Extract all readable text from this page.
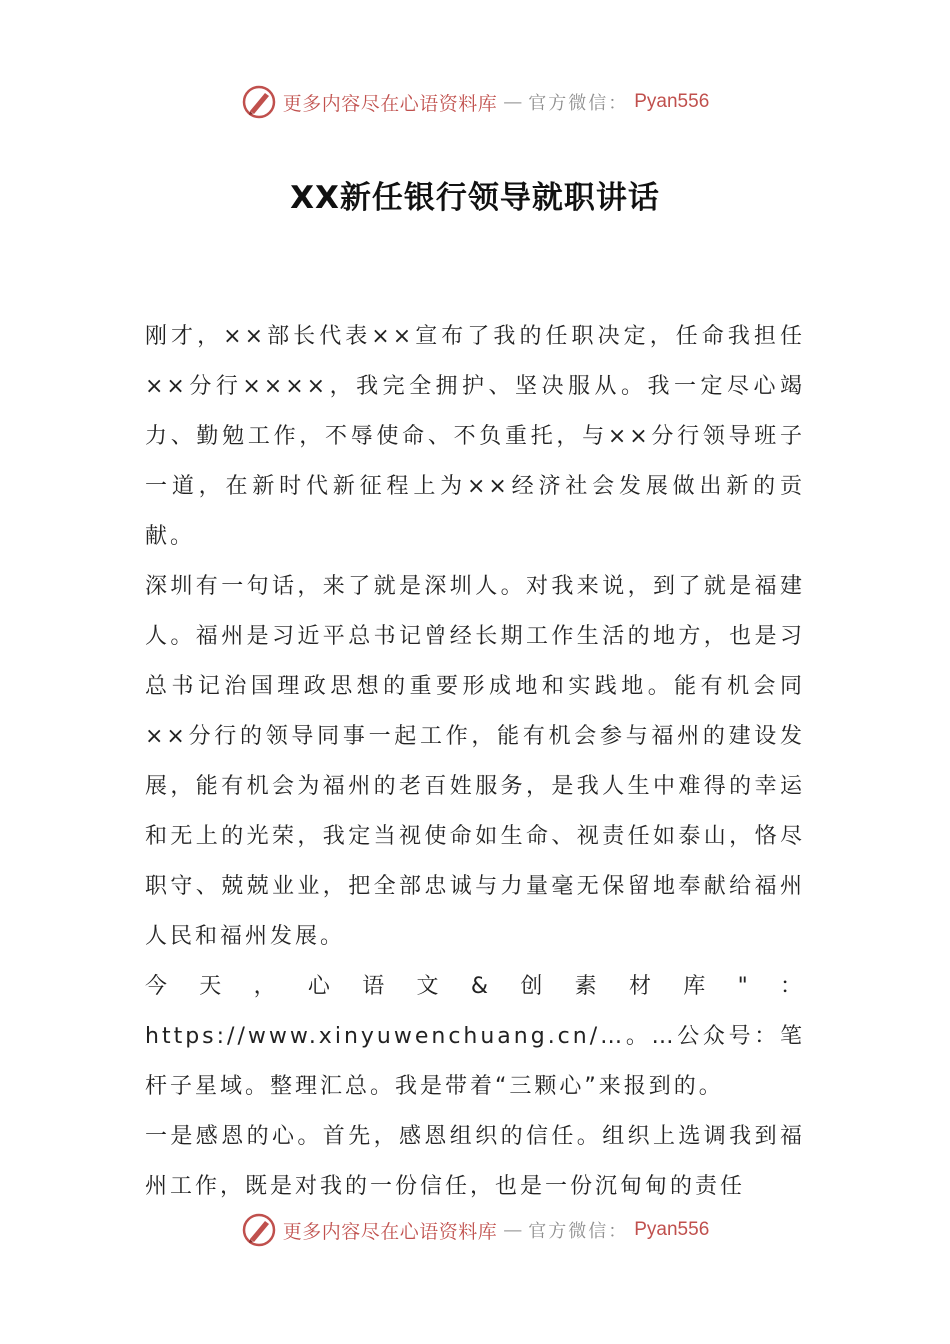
更多内容尽在心语资料库 — 官方微信： Pyan556
XX新任银行领导就职讲话

刚才，××部长代表××宣布了我的任职决定，任命我担任××分行××××，我完全拥护、坚决服从。我一定尽心竭力、勤勉工作，不辱使命、不负重托，与××分行领导班子一道，在新时代新征程上为××经济社会发展做出新的贡献。

深圳有一句话，来了就是深圳人。对我来说，到了就是福建人。福州是习近平总书记曾经长期工作生活的地方，也是习总书记治国理政思想的重要形成地和实践地。能有机会同××分行的领导同事一起工作，能有机会参与福州的建设发展，能有机会为福州的老百姓服务，是我人生中难得的幸运和无上的光荣，我定当视使命如生命、视责任如泰山，恪尽职守、兢兢业业，把全部忠诚与力量毫无保留地奉献给福州人民和福州发展。

今天，心语文&创素材库"：https://www.xinyuwenchuang.cn/…。…公众号：笔杆子星域。整理汇总。我是带着“三颗心”来报到的。

一是感恩的心。首先，感恩组织的信任。组织上选调我到福州工作，既是对我的一份信任，也是一份沉甸甸的责任

更多内容尽在心语资料库 — 官方微信： Pyan556
